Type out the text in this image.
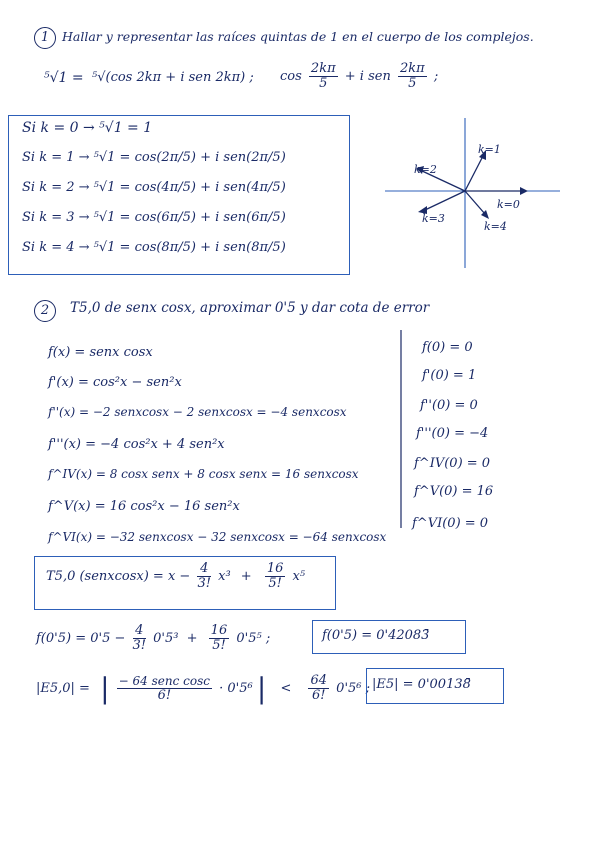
1	Hallar y representar las raíces quintas de 1 en el cuerpo de los complejos.
⁵√1 = ⁵√(cos 2kπ + i sen 2kπ) ; $\cos \frac{2k\pi}{5} + i$ sen $\frac{2k\pi}{5}$ ;
Si k = 0 → ⁵√1 = 1
Si k = 1 → ⁵√1 = cos(2π/5) + i sen(2π/5)
Si k = 2 → ⁵√1 = cos(4π/5) + i sen(4π/5)
Si k = 3 → ⁵√1 = cos(6π/5) + i sen(6π/5)
Si k = 4 → ⁵√1 = cos(8π/5) + i sen(8π/5)
k=0
k=1
k=2
k=3
k=4
2	T5,0 de senx cosx, aproximar 0'5 y dar cota de error
f(x) = senx cosx
f'(x) = cos²x − sen²x
f''(x) = −2 senxcosx − 2 senxcosx = −4 senxcosx
f'''(x) = −4 cos²x + 4 sen²x
f^IV(x) = 8 cosx senx + 8 cosx senx = 16 senxcosx
f^V(x) = 16 cos²x − 16 sen²x
f^VI(x) = −32 senxcosx − 32 senxcosx = −64 senxcosx
f(0) = 0
f'(0) = 1
f''(0) = 0
f'''(0) = −4
f^IV(0) = 0
f^V(0) = 16
f^VI(0) = 0
T5,0 (senxcosx) = $x - \frac{4}{3!} x^3 + \frac{16}{5!} x^5$
$f(0'5) = 0'5 - \frac{4}{3!} 0'5^3 + \frac{16}{5!} 0'5^5$ ;	f(0'5) = 0'42083̄
|E5,0| = | $\frac{\text{− 64 senc cosc}}{6!} \cdot 0'5^6$ | < $\frac{64}{6!} 0'5^6$ ; |E5| = 0'00138̄
